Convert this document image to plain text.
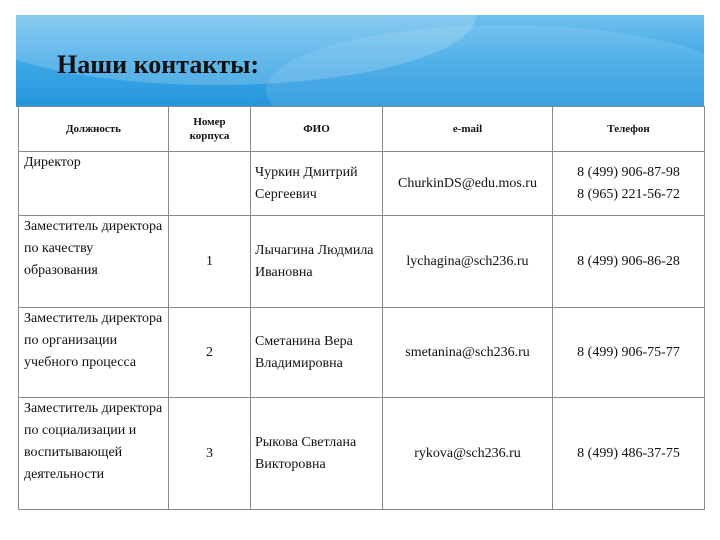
Наши контакты:
Должность	Номер корпуса	ФИО	e-mail	Телефон
Директор		Чуркин Дмитрий Сергеевич	ChurkinDS@edu.mos.ru	8 (499) 906-87-98
8 (965) 221-56-72

Заместитель директора по качеству образования	1	Лычагина Людмила Ивановна	lychagina@sch236.ru	8 (499) 906-86-28

Заместитель директора по организации учебного процесса	2	Сметанина Вера Владимировна	smetanina@sch236.ru	8 (499) 906-75-77

Заместитель директора по социализации и воспитывающей деятельности	3	Рыкова Светлана Викторовна	rykova@sch236.ru	8 (499) 486-37-75
